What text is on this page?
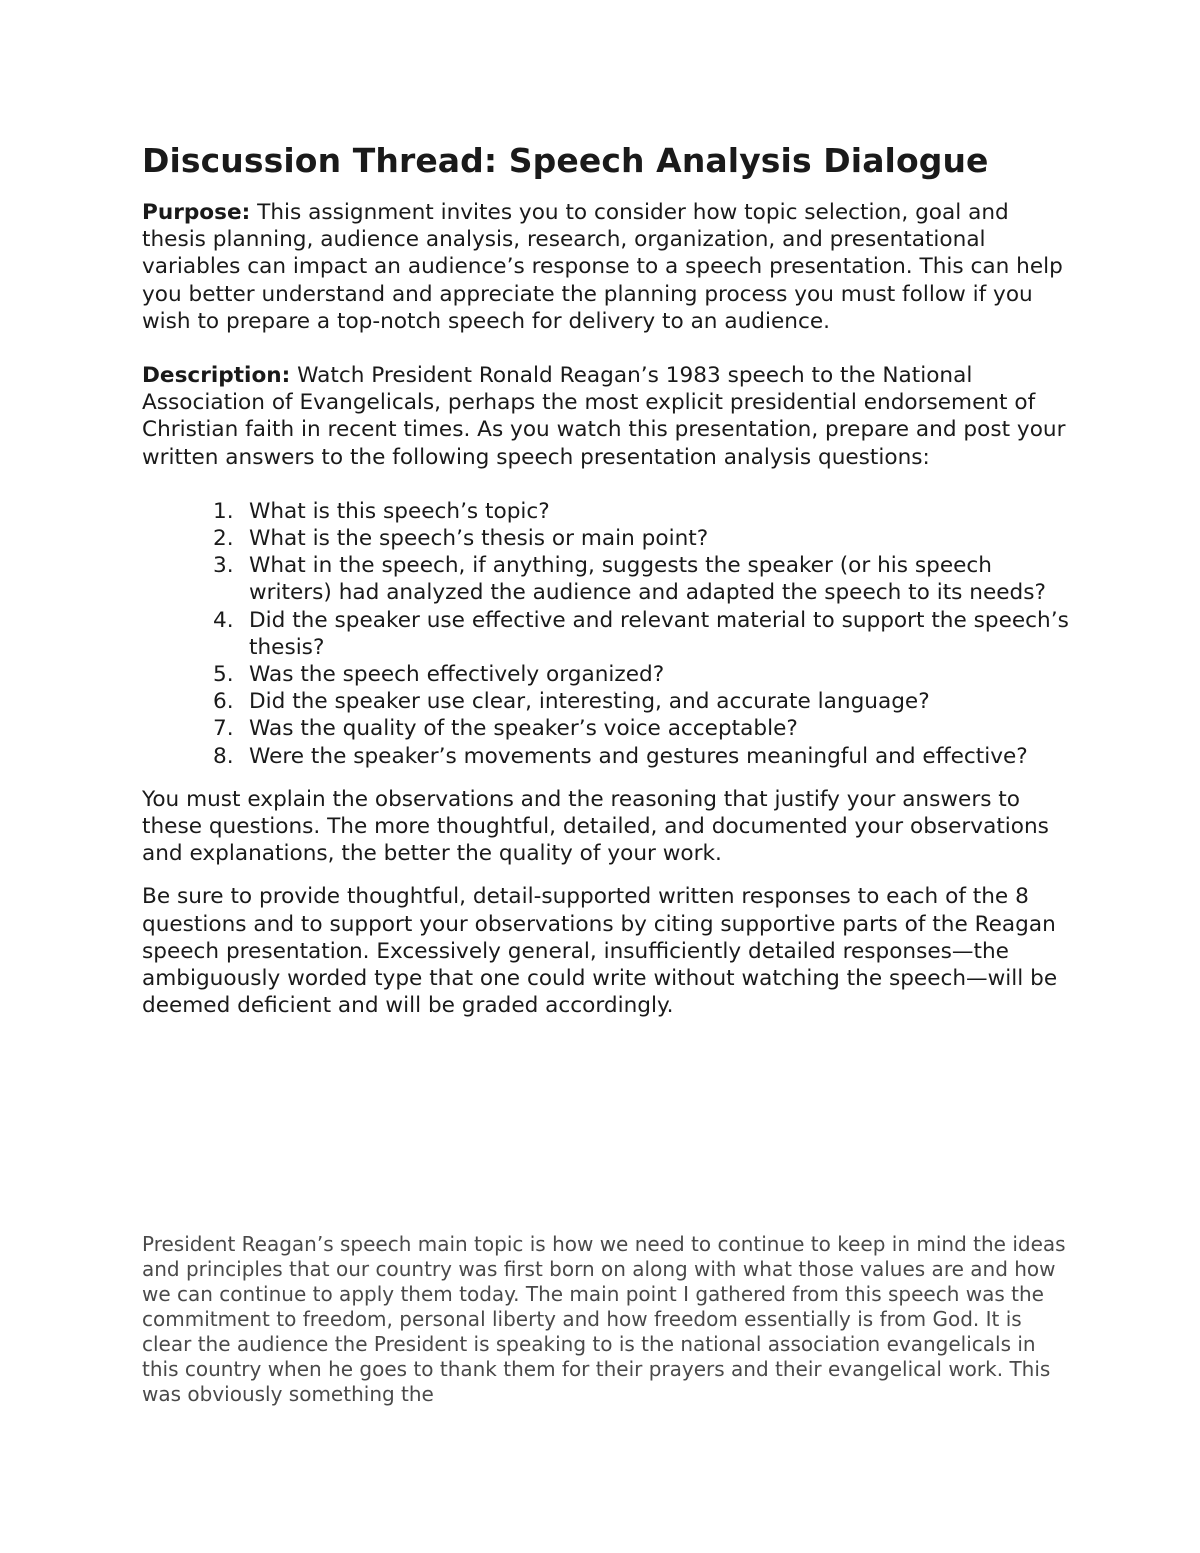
Discussion Thread: Speech Analysis Dialogue

Purpose: This assignment invites you to consider how topic selection, goal and thesis planning, audience analysis, research, organization, and presentational variables can impact an audience’s response to a speech presentation. This can help you better understand and appreciate the planning process you must follow if you wish to prepare a top-notch speech for delivery to an audience.

Description: Watch President Ronald Reagan’s 1983 speech to the National Association of Evangelicals, perhaps the most explicit presidential endorsement of Christian faith in recent times. As you watch this presentation, prepare and post your written answers to the following speech presentation analysis questions:

1. What is this speech’s topic?
2. What is the speech’s thesis or main point?
3. What in the speech, if anything, suggests the speaker (or his speech writers) had analyzed the audience and adapted the speech to its needs?
4. Did the speaker use effective and relevant material to support the speech’s thesis?
5. Was the speech effectively organized?
6. Did the speaker use clear, interesting, and accurate language?
7. Was the quality of the speaker’s voice acceptable?
8. Were the speaker’s movements and gestures meaningful and effective?

You must explain the observations and the reasoning that justify your answers to these questions. The more thoughtful, detailed, and documented your observations and explanations, the better the quality of your work.

Be sure to provide thoughtful, detail-supported written responses to each of the 8 questions and to support your observations by citing supportive parts of the Reagan speech presentation. Excessively general, insufficiently detailed responses—the ambiguously worded type that one could write without watching the speech—will be deemed deficient and will be graded accordingly.

President Reagan’s speech main topic is how we need to continue to keep in mind the ideas and principles that our country was first born on along with what those values are and how we can continue to apply them today. The main point I gathered from this speech was the commitment to freedom, personal liberty and how freedom essentially is from God. It is clear the audience the President is speaking to is the national association evangelicals in this country when he goes to thank them for their prayers and their evangelical work. This was obviously something the
